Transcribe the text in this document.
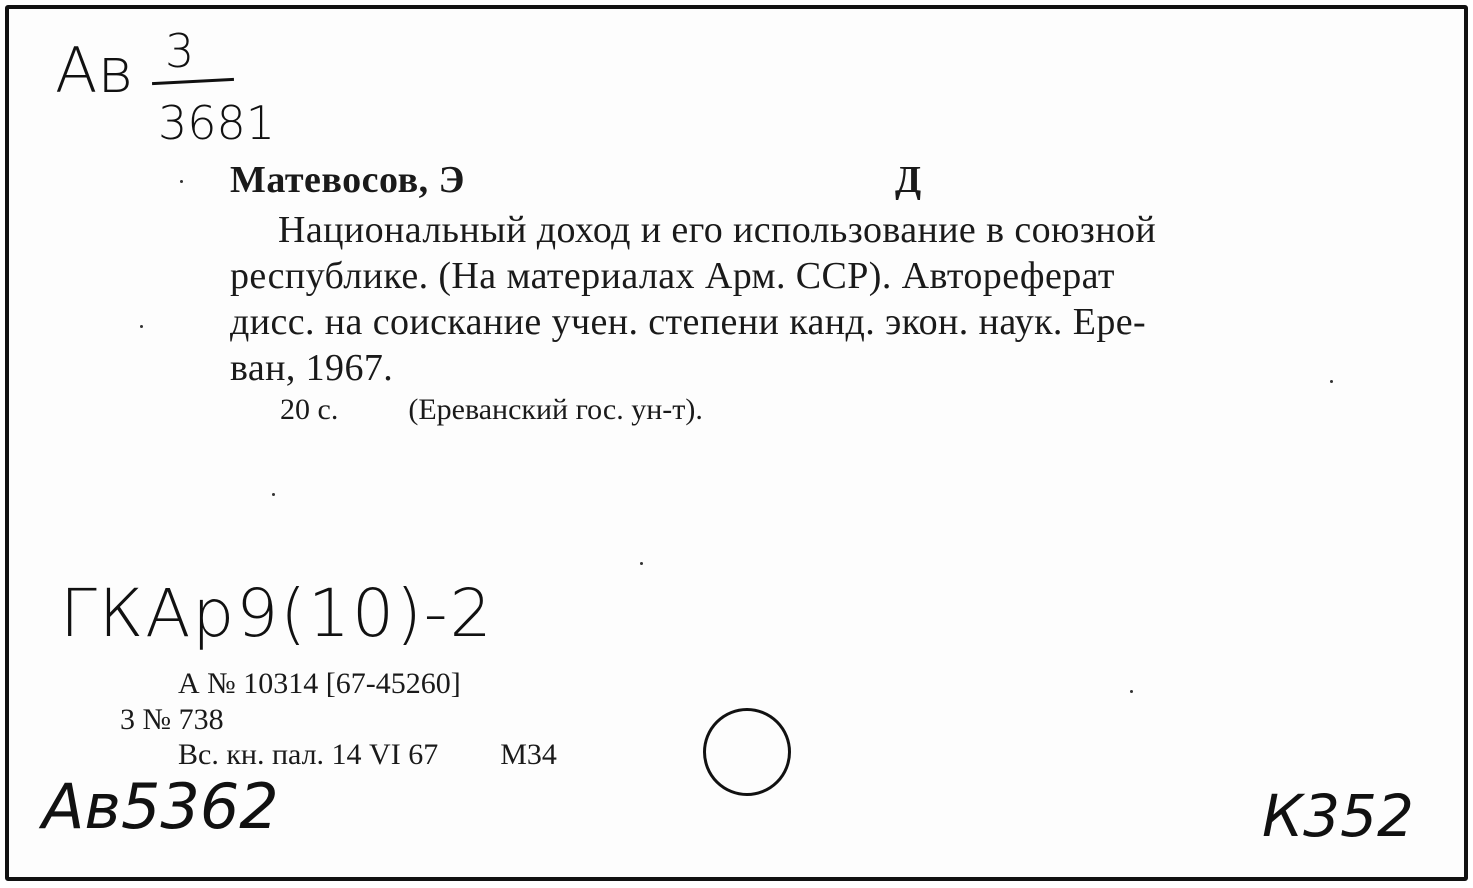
Ав 3
3681
Матевосов, Э	Д
Национальный доход и его использование в союзной
республике. (На материалах Арм. ССР). Автореферат
дисс. на соискание учен. степени канд. экон. наук. Ере-
ван, 1967.
20 с. (Ереванский гос. ун-т).
ГКАр9(10)-2
А № 10314 [67-45260]
3 № 738
Вс. кн. пал. 14 VI 67 М34
Ав5362	К352
